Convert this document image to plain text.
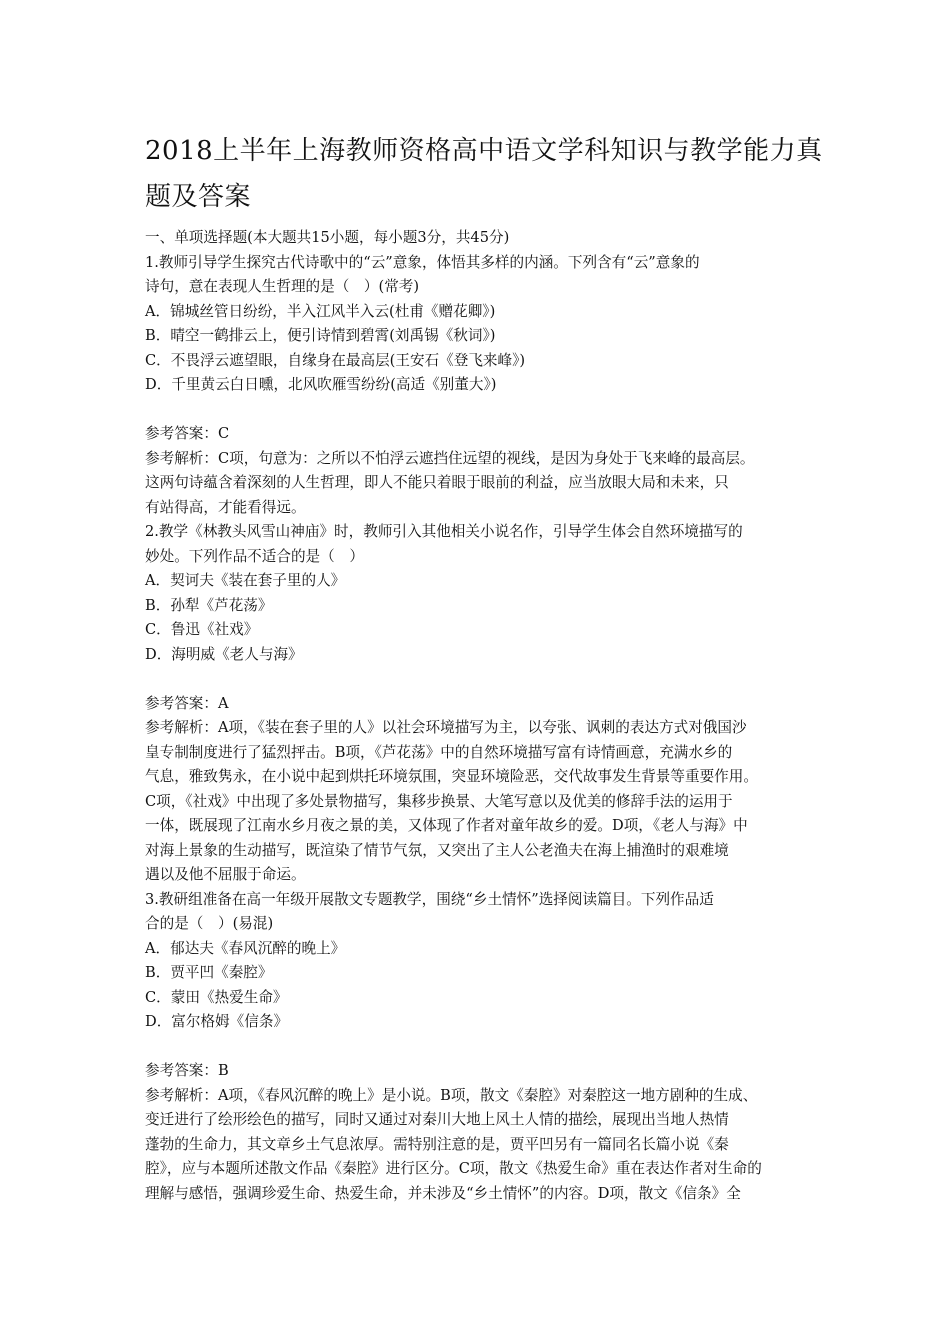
2018上半年上海教师资格高中语文学科知识与教学能力真
题及答案

一、单项选择题(本大题共15小题，每小题3分，共45分)

1.教师引导学生探究古代诗歌中的“云”意象，体悟其多样的内涵。下列含有“云”意象的

诗句，意在表现人生哲理的是（　）(常考)

A．锦城丝管日纷纷，半入江风半入云(杜甫《赠花卿》)

B．晴空一鹤排云上，便引诗情到碧霄(刘禹锡《秋词》)

C．不畏浮云遮望眼，自缘身在最高层(王安石《登飞来峰》)

D．千里黄云白日曛，北风吹雁雪纷纷(高适《别董大》)

参考答案：C

参考解析：C项，句意为：之所以不怕浮云遮挡住远望的视线，是因为身处于飞来峰的最高层。

这两句诗蕴含着深刻的人生哲理，即人不能只着眼于眼前的利益，应当放眼大局和未来，只

有站得高，才能看得远。

2.教学《林教头风雪山神庙》时，教师引入其他相关小说名作，引导学生体会自然环境描写的

妙处。下列作品不适合的是（　）

A．契诃夫《装在套子里的人》

B．孙犁《芦花荡》

C．鲁迅《社戏》

D．海明威《老人与海》

参考答案：A

参考解析：A项，《装在套子里的人》以社会环境描写为主，以夸张、讽刺的表达方式对俄国沙

皇专制制度进行了猛烈抨击。B项，《芦花荡》中的自然环境描写富有诗情画意，充满水乡的

气息，雅致隽永，在小说中起到烘托环境氛围，突显环境险恶，交代故事发生背景等重要作用。

C项，《社戏》中出现了多处景物描写，集移步换景、大笔写意以及优美的修辞手法的运用于

一体，既展现了江南水乡月夜之景的美，又体现了作者对童年故乡的爱。D项，《老人与海》中

对海上景象的生动描写，既渲染了情节气氛，又突出了主人公老渔夫在海上捕渔时的艰难境

遇以及他不屈服于命运。

3.教研组准备在高一年级开展散文专题教学，围绕“乡土情怀”选择阅读篇目。下列作品适

合的是（　）(易混)

A．郁达夫《春风沉醉的晚上》

B．贾平凹《秦腔》

C．蒙田《热爱生命》

D．富尔格姆《信条》

参考答案：B

参考解析：A项，《春风沉醉的晚上》是小说。B项，散文《秦腔》对秦腔这一地方剧种的生成、

变迁进行了绘形绘色的描写，同时又通过对秦川大地上风土人情的描绘，展现出当地人热情

蓬勃的生命力，其文章乡土气息浓厚。需特别注意的是，贾平凹另有一篇同名长篇小说《秦

腔》，应与本题所述散文作品《秦腔》进行区分。C项，散文《热爱生命》重在表达作者对生命的

理解与感悟，强调珍爱生命、热爱生命，并未涉及“乡土情怀”的内容。D项，散文《信条》全
